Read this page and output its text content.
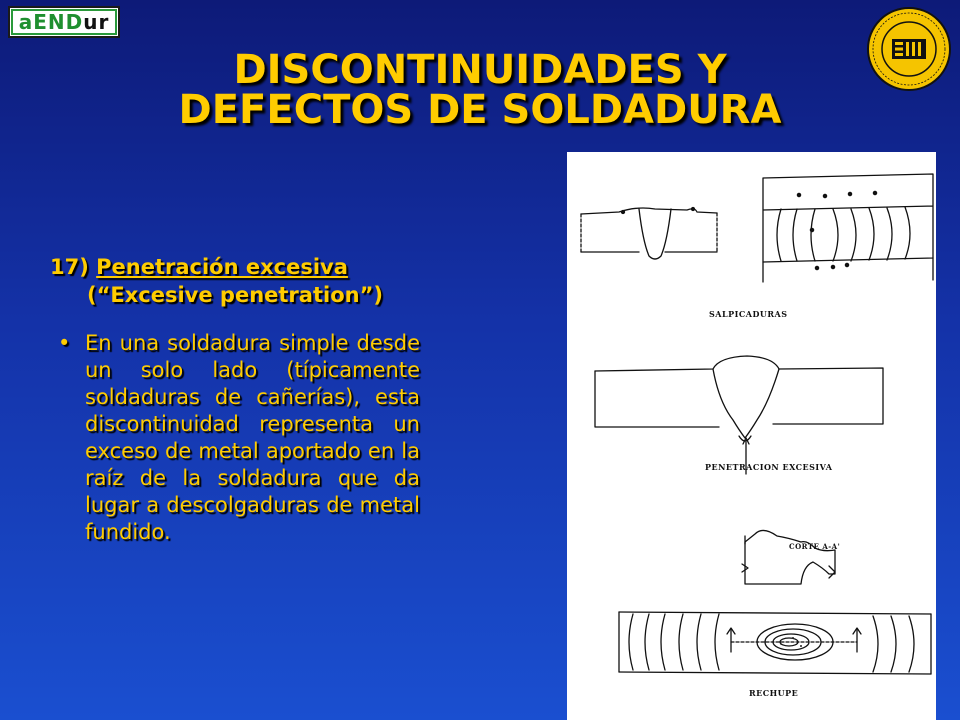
aENDur
DISCONTINUIDADES Y
DEFECTOS DE SOLDADURA
17) Penetración excesiva
(“Excesive penetration”)
• En una soldadura simple desde un solo lado (típicamente soldaduras de cañerías), esta discontinuidad representa un exceso de metal aportado en la raíz de la soldadura que da lugar a descolgaduras de metal fundido.
SALPICADURAS
PENETRACION EXCESIVA
CORTE A-A'
RECHUPE
